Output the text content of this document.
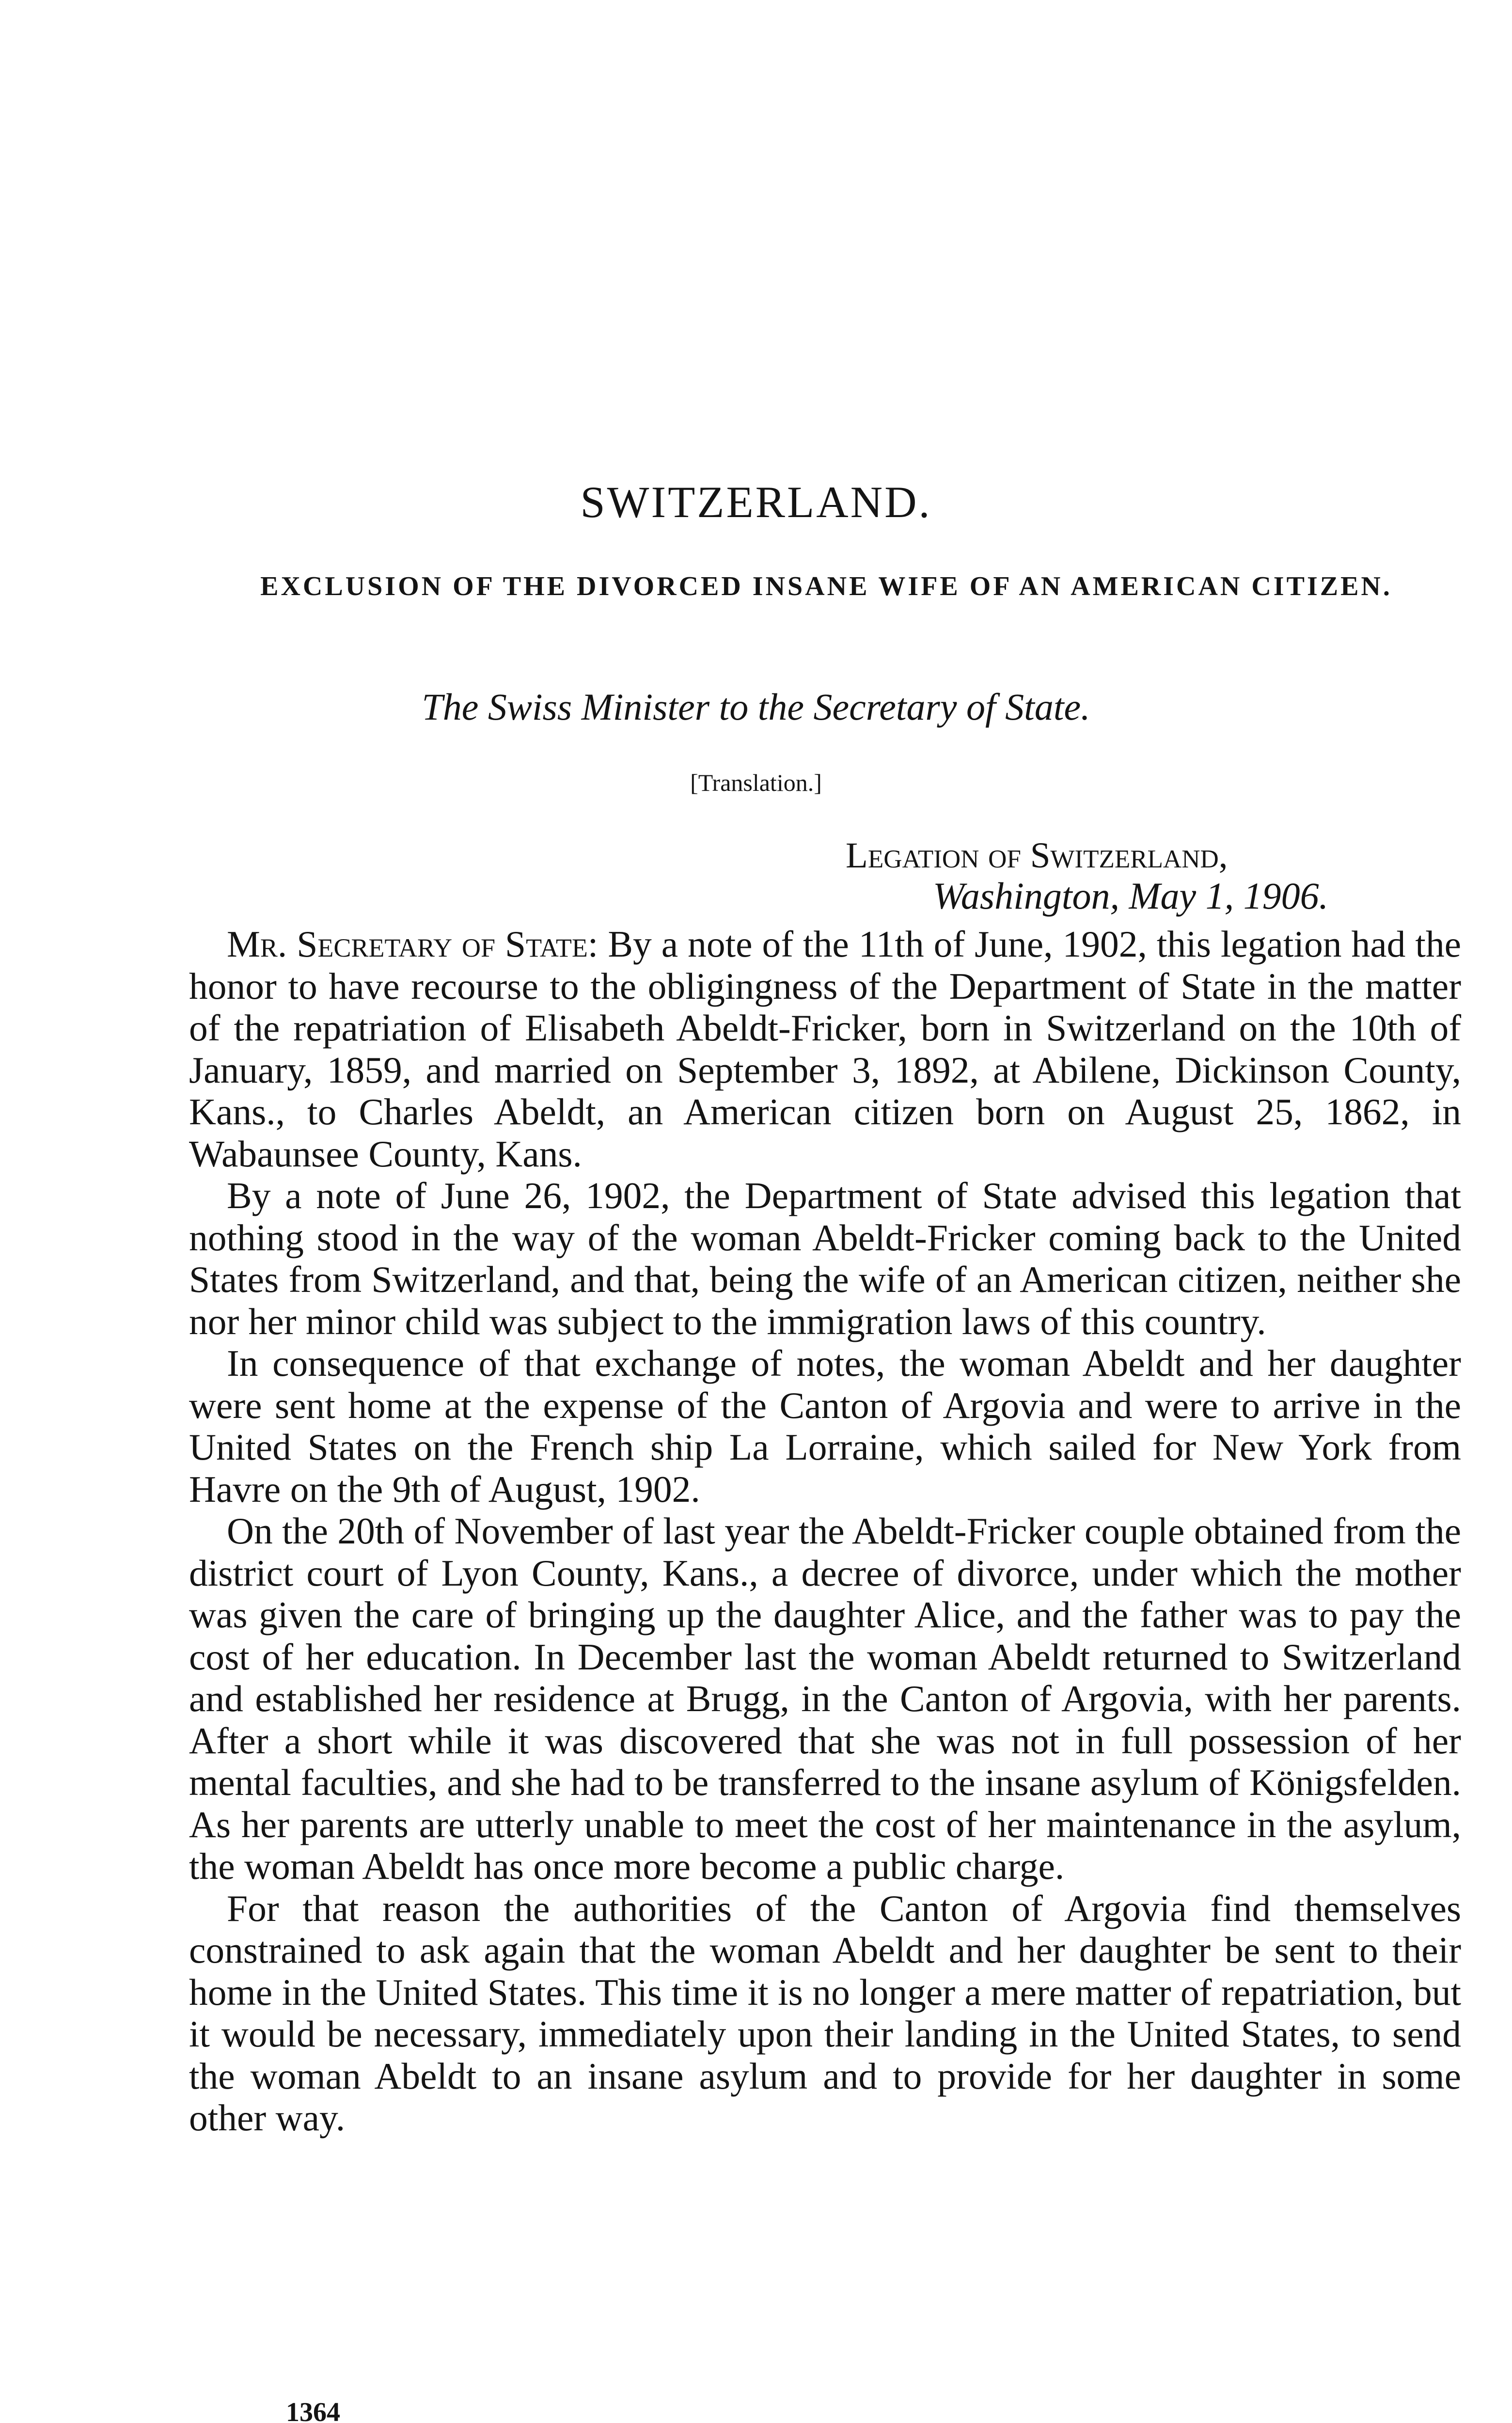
SWITZERLAND.
EXCLUSION OF THE DIVORCED INSANE WIFE OF AN AMERICAN CITIZEN.
The Swiss Minister to the Secretary of State.
[Translation.]
Legation of Switzerland,
Washington, May 1, 1906.

Mr. Secretary of State: By a note of the 11th of June, 1902, this legation had the honor to have recourse to the obligingness of the Department of State in the matter of the repatriation of Elisabeth Abeldt-Fricker, born in Switzerland on the 10th of January, 1859, and married on September 3, 1892, at Abilene, Dickinson County, Kans., to Charles Abeldt, an American citizen born on August 25, 1862, in Wabaunsee County, Kans.

By a note of June 26, 1902, the Department of State advised this legation that nothing stood in the way of the woman Abeldt-Fricker coming back to the United States from Switzerland, and that, being the wife of an American citizen, neither she nor her minor child was subject to the immigration laws of this country.

In consequence of that exchange of notes, the woman Abeldt and her daughter were sent home at the expense of the Canton of Argovia and were to arrive in the United States on the French ship La Lorraine, which sailed for New York from Havre on the 9th of August, 1902.

On the 20th of November of last year the Abeldt-Fricker couple obtained from the district court of Lyon County, Kans., a decree of divorce, under which the mother was given the care of bringing up the daughter Alice, and the father was to pay the cost of her education. In December last the woman Abeldt returned to Switzerland and established her residence at Brugg, in the Canton of Argovia, with her parents. After a short while it was discovered that she was not in full possession of her mental faculties, and she had to be transferred to the insane asylum of Königsfelden. As her parents are utterly unable to meet the cost of her maintenance in the asylum, the woman Abeldt has once more become a public charge.

For that reason the authorities of the Canton of Argovia find themselves constrained to ask again that the woman Abeldt and her daughter be sent to their home in the United States. This time it is no longer a mere matter of repatriation, but it would be necessary, immediately upon their landing in the United States, to send the woman Abeldt to an insane asylum and to provide for her daughter in some other way.

1364
